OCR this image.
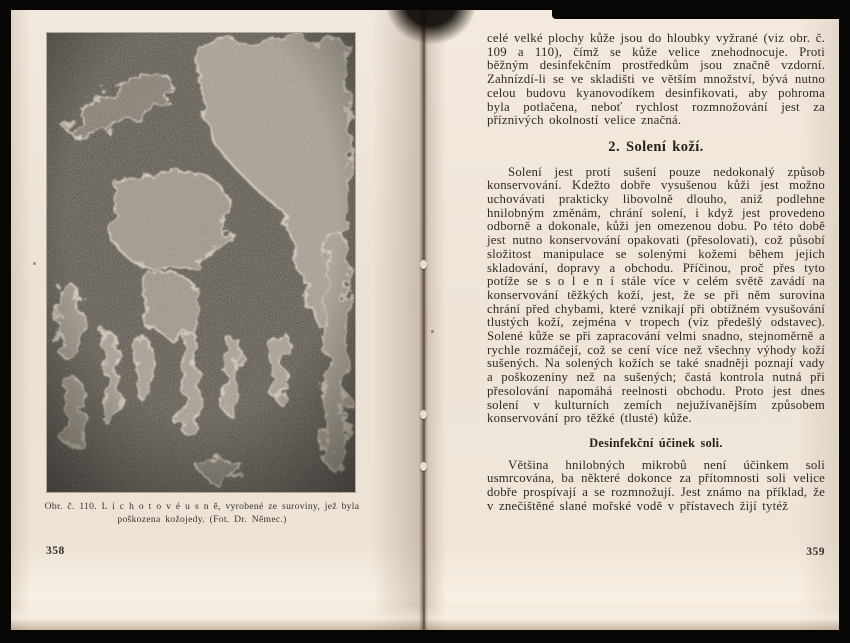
Obr. č. 110. L í c h o t o v é u s n ě, vyrobené ze suroviny, jež byla
poškozena kožojedy. (Fot. Dr. Němec.)
358

celé velké plochy kůže jsou do hloubky vyžrané (viz obr. č. 109 a 110), čímž se kůže velice znehodnocuje. Proti běžným desinfekčním prostředkům jsou značně vzdorní. Zahnízdí-li se ve skladišti ve větším množství, bývá nutno celou budovu kyanovodíkem desinfikovati, aby pohroma byla potlačena, neboť rychlost rozmnožování jest za příznivých okolností velice značná.

2. Solení koží.

Solení jest proti sušení pouze nedokonalý způsob konservování. Kdežto dobře vysušenou kůži jest možno uchovávati prakticky libovolně dlouho, aniž podlehne hnilobným změnám, chrání solení, i když jest provedeno odborně a dokonale, kůži jen omezenou dobu. Po této době jest nutno konservování opakovati (přesolovati), což působí složitost manipulace se solenými kožemi během jejich skladování, dopravy a obchodu. Příčinou, proč přes tyto potíže se s o l e n í stále více v celém světě zavádí na konservování těžkých koží, jest, že se při něm surovina chrání před chybami, které vznikají při obtížném vysušování tlustých koží, zejména v tropech (viz předešlý odstavec). Solené kůže se při zapracování velmi snadno, stejnoměrně a rychle rozmáčejí, což se cení více než všechny výhody koží sušených. Na solených kožích se také snadněji poznají vady a poškozeniny než na sušených; častá kontrola nutná při přesolování napomáhá reelnosti obchodu. Proto jest dnes solení v kulturních zemích nejužívanějším způsobem konservování pro těžké (tlusté) kůže.

Desinfekční účinek soli.

Většina hnilobných mikrobů není účinkem soli usmrcována, ba některé dokonce za přítomnosti soli velice dobře prospívají a se rozmnožují. Jest známo na příklad, že v znečištěné slané mořské vodě v přístavech žijí tytéž

359
